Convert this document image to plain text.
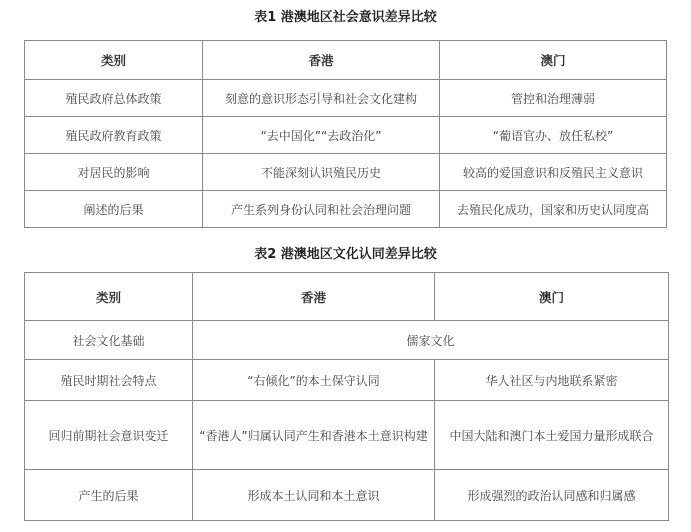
表1 港澳地区社会意识差异比较
类别	香港	澳门
殖民政府总体政策	刻意的意识形态引导和社会文化建构	管控和治理薄弱
殖民政府教育政策	“去中国化”“去政治化”	“葡语官办、放任私校”
对居民的影响	不能深刻认识殖民历史	较高的爱国意识和反殖民主义意识
阐述的后果	产生系列身份认同和社会治理问题	去殖民化成功，国家和历史认同度高
表2 港澳地区文化认同差异比较
类别	香港	澳门
社会文化基础	儒家文化	
殖民时期社会特点	“右倾化”的本土保守认同	华人社区与内地联系紧密
回归前期社会意识变迁	“香港人”归属认同产生和香港本土意识构建	中国大陆和澳门本土爱国力量形成联合
产生的后果	形成本土认同和本土意识	形成强烈的政治认同感和归属感
